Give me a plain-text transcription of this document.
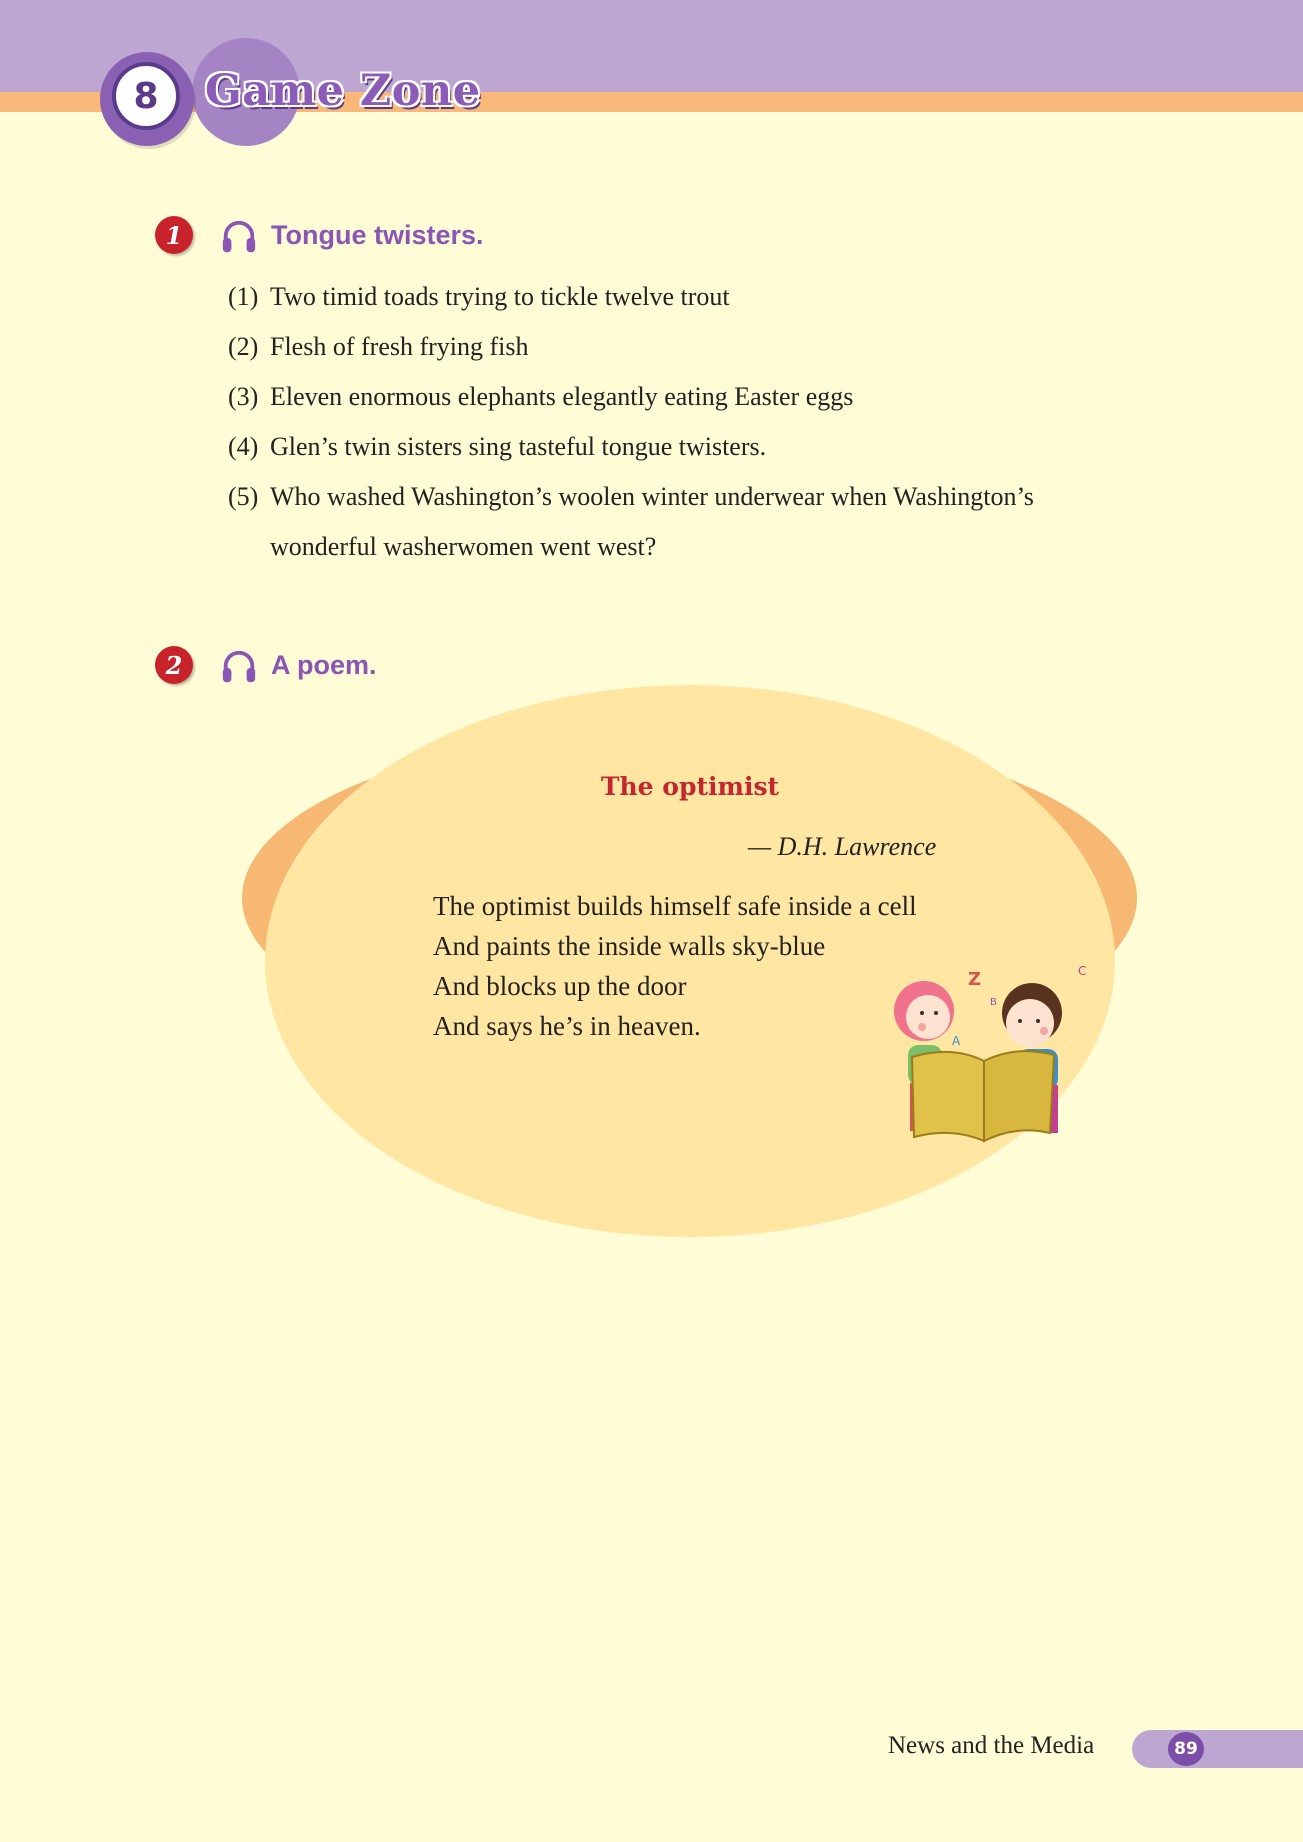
8	Game Zone
1	Tongue twisters.
(1) Two timid toads trying to tickle twelve trout
(2) Flesh of fresh frying fish
(3) Eleven enormous elephants elegantly eating Easter eggs
(4) Glen’s twin sisters sing tasteful tongue twisters.
(5) Who washed Washington’s woolen winter underwear when Washington’s
wonderful washerwomen went west?
2	A poem.
The optimist

— D.H. Lawrence

The optimist builds himself safe inside a cell
And paints the inside walls sky-blue
And blocks up the door
And says he’s in heaven.
Z
B
A
C

News and the Media	89
